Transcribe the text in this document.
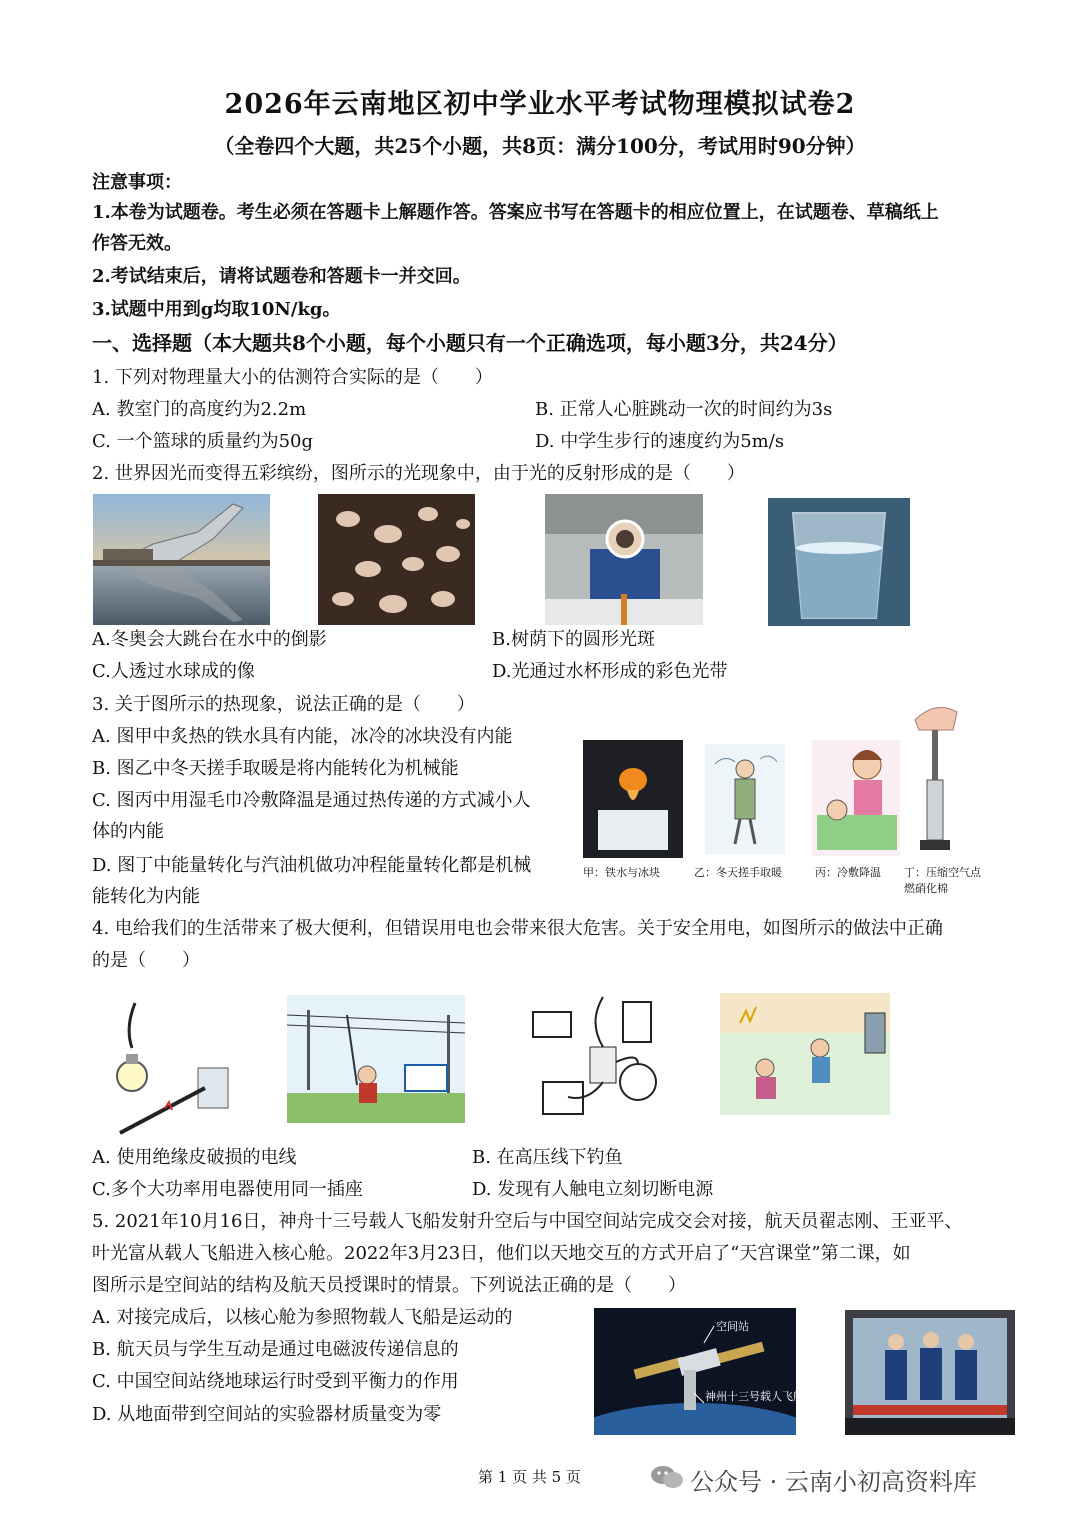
2026年云南地区初中学业水平考试物理模拟试卷2
（全卷四个大题，共25个小题，共8页：满分100分，考试用时90分钟）
注意事项：
1.本卷为试题卷。考生必须在答题卡上解题作答。答案应书写在答题卡的相应位置上，在试题卷、草稿纸上
作答无效。
2.考试结束后，请将试题卷和答题卡一并交回。
3.试题中用到g均取10N/kg。
一、选择题（本大题共8个小题，每个小题只有一个正确选项，每小题3分，共24分）
1. 下列对物理量大小的估测符合实际的是（　　）
A. 教室门的高度约为2.2m	B. 正常人心脏跳动一次的时间约为3s
C. 一个篮球的质量约为50g	D. 中学生步行的速度约为5m/s
2. 世界因光而变得五彩缤纷，图所示的光现象中，由于光的反射形成的是（　　）
A.冬奥会大跳台在水中的倒影	B.树荫下的圆形光斑
C.人透过水球成的像	D.光通过水杯形成的彩色光带
3. 关于图所示的热现象，说法正确的是（　　）
A. 图甲中炙热的铁水具有内能，冰冷的冰块没有内能
B. 图乙中冬天搓手取暖是将内能转化为机械能
C. 图丙中用湿毛巾冷敷降温是通过热传递的方式减小人
体的内能
D. 图丁中能量转化与汽油机做功冲程能量转化都是机械
能转化为内能
甲：铁水与冰块	乙：冬天搓手取暖	丙：冷敷降温 丁：压缩空气点
燃硝化棉
4. 电给我们的生活带来了极大便利，但错误用电也会带来很大危害。关于安全用电，如图所示的做法中正确
的是（　　）
A. 使用绝缘皮破损的电线	B. 在高压线下钓鱼
C.多个大功率用电器使用同一插座	D. 发现有人触电立刻切断电源
5. 2021年10月16日，神舟十三号载人飞船发射升空后与中国空间站完成交会对接，航天员翟志刚、王亚平、
叶光富从载人飞船进入核心舱。2022年3月23日，他们以天地交互的方式开启了“天宫课堂”第二课，如
图所示是空间站的结构及航天员授课时的情景。下列说法正确的是（　　）
A. 对接完成后，以核心舱为参照物载人飞船是运动的
B. 航天员与学生互动是通过电磁波传递信息的
C. 中国空间站绕地球运行时受到平衡力的作用
D. 从地面带到空间站的实验器材质量变为零
空间站
神州十三号载人飞船
第 1 页 共 5 页	公众号 · 云南小初高资料库
